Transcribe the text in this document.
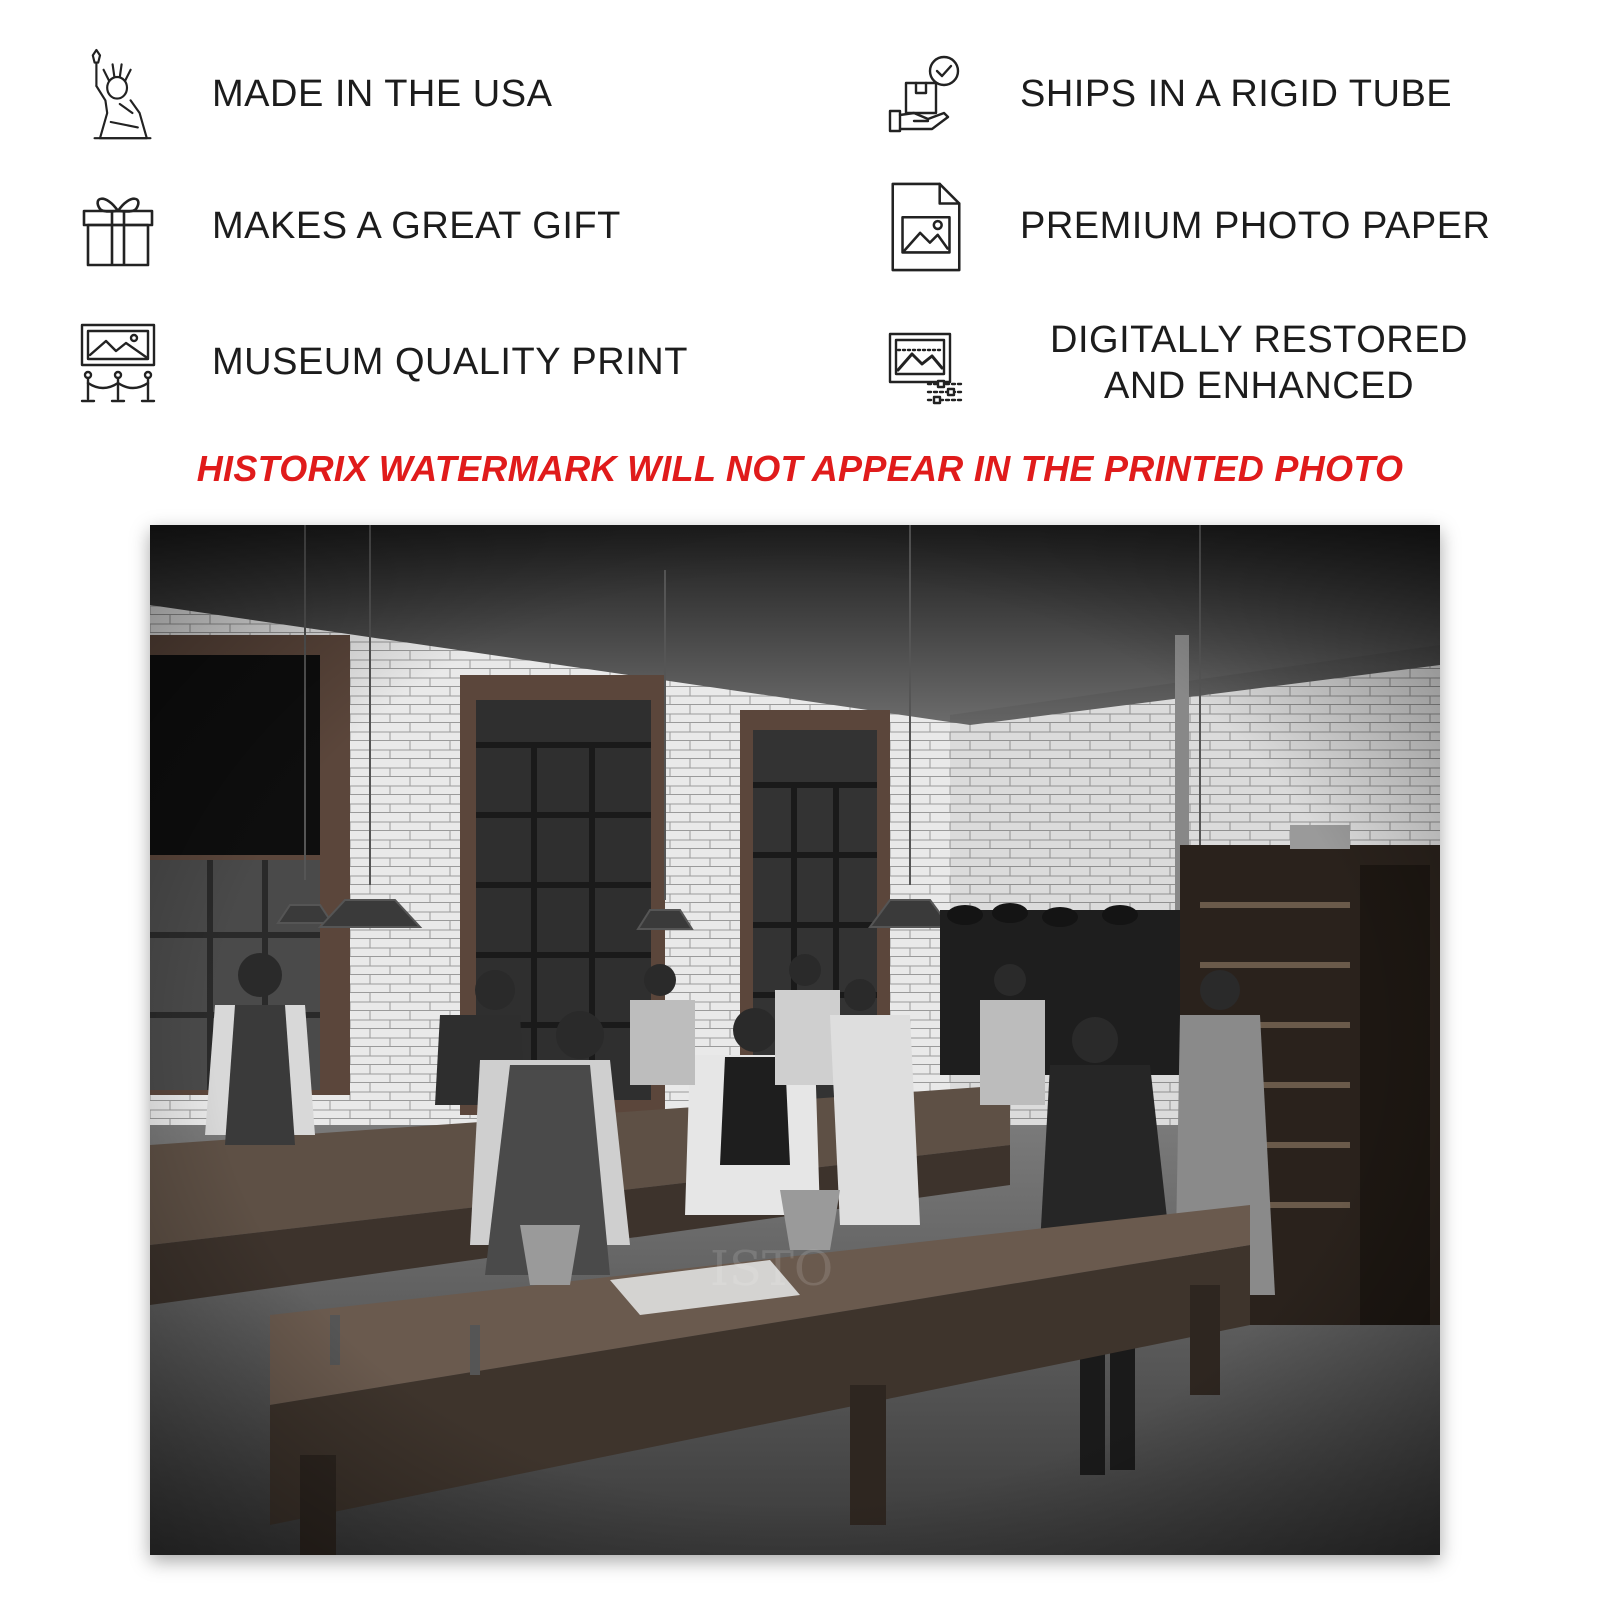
MADE IN THE USA
MAKES A GREAT GIFT
MUSEUM QUALITY PRINT
SHIPS IN A RIGID TUBE
PREMIUM PHOTO PAPER
DIGITALLY RESTORED AND ENHANCED
HISTORIX WATERMARK WILL NOT APPEAR IN THE PRINTED PHOTO
